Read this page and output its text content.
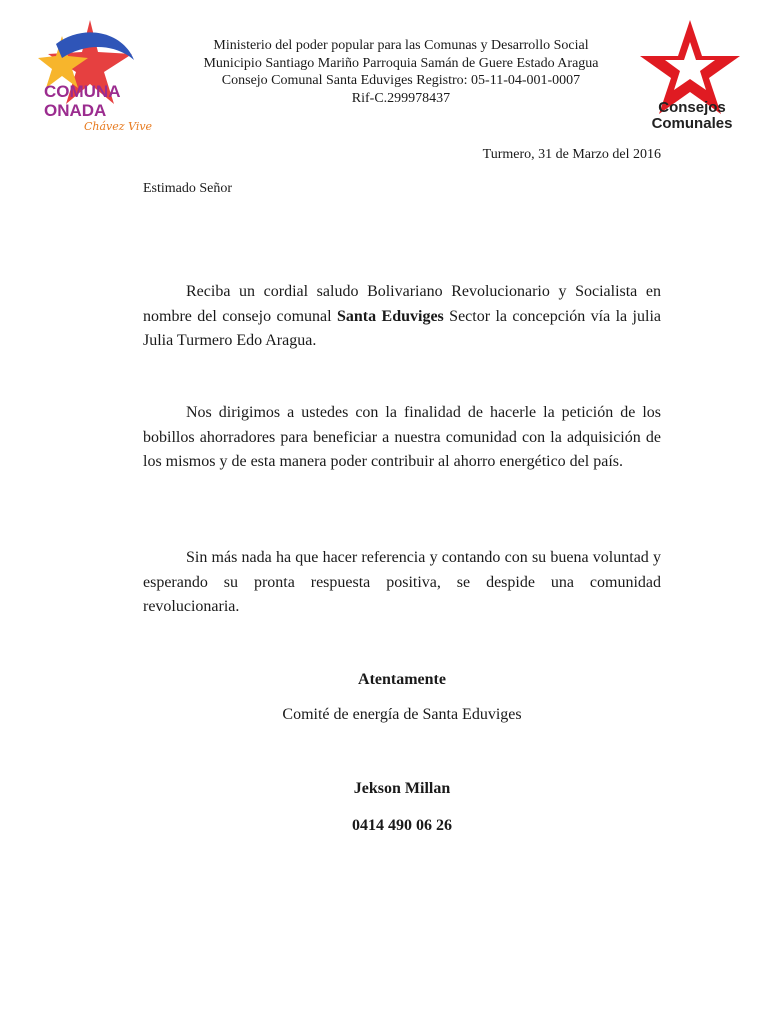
COMUNA
ONADA
Chávez Vive
Consejos
Comunales
Ministerio del poder popular para las Comunas y Desarrollo Social
Municipio Santiago Mariño Parroquia Samán de Guere Estado Aragua
Consejo Comunal Santa Eduviges Registro: 05-11-04-001-0007
Rif-C.299978437
Turmero, 31 de Marzo del 2016
Estimado Señor

Reciba un cordial saludo Bolivariano Revolucionario y Socialista en nombre del consejo comunal Santa Eduviges Sector la concepción vía la julia Julia Turmero Edo Aragua.

Nos dirigimos a ustedes con la finalidad de hacerle la petición de los bobillos ahorradores para beneficiar a nuestra comunidad con la adquisición de los mismos y de esta manera poder contribuir al ahorro energético del país.

Sin más nada ha que hacer referencia y contando con su buena voluntad y esperando su pronta respuesta positiva, se despide una comunidad revolucionaria.

Atentamente
Comité de energía de Santa Eduviges
Jekson Millan
0414 490 06 26
